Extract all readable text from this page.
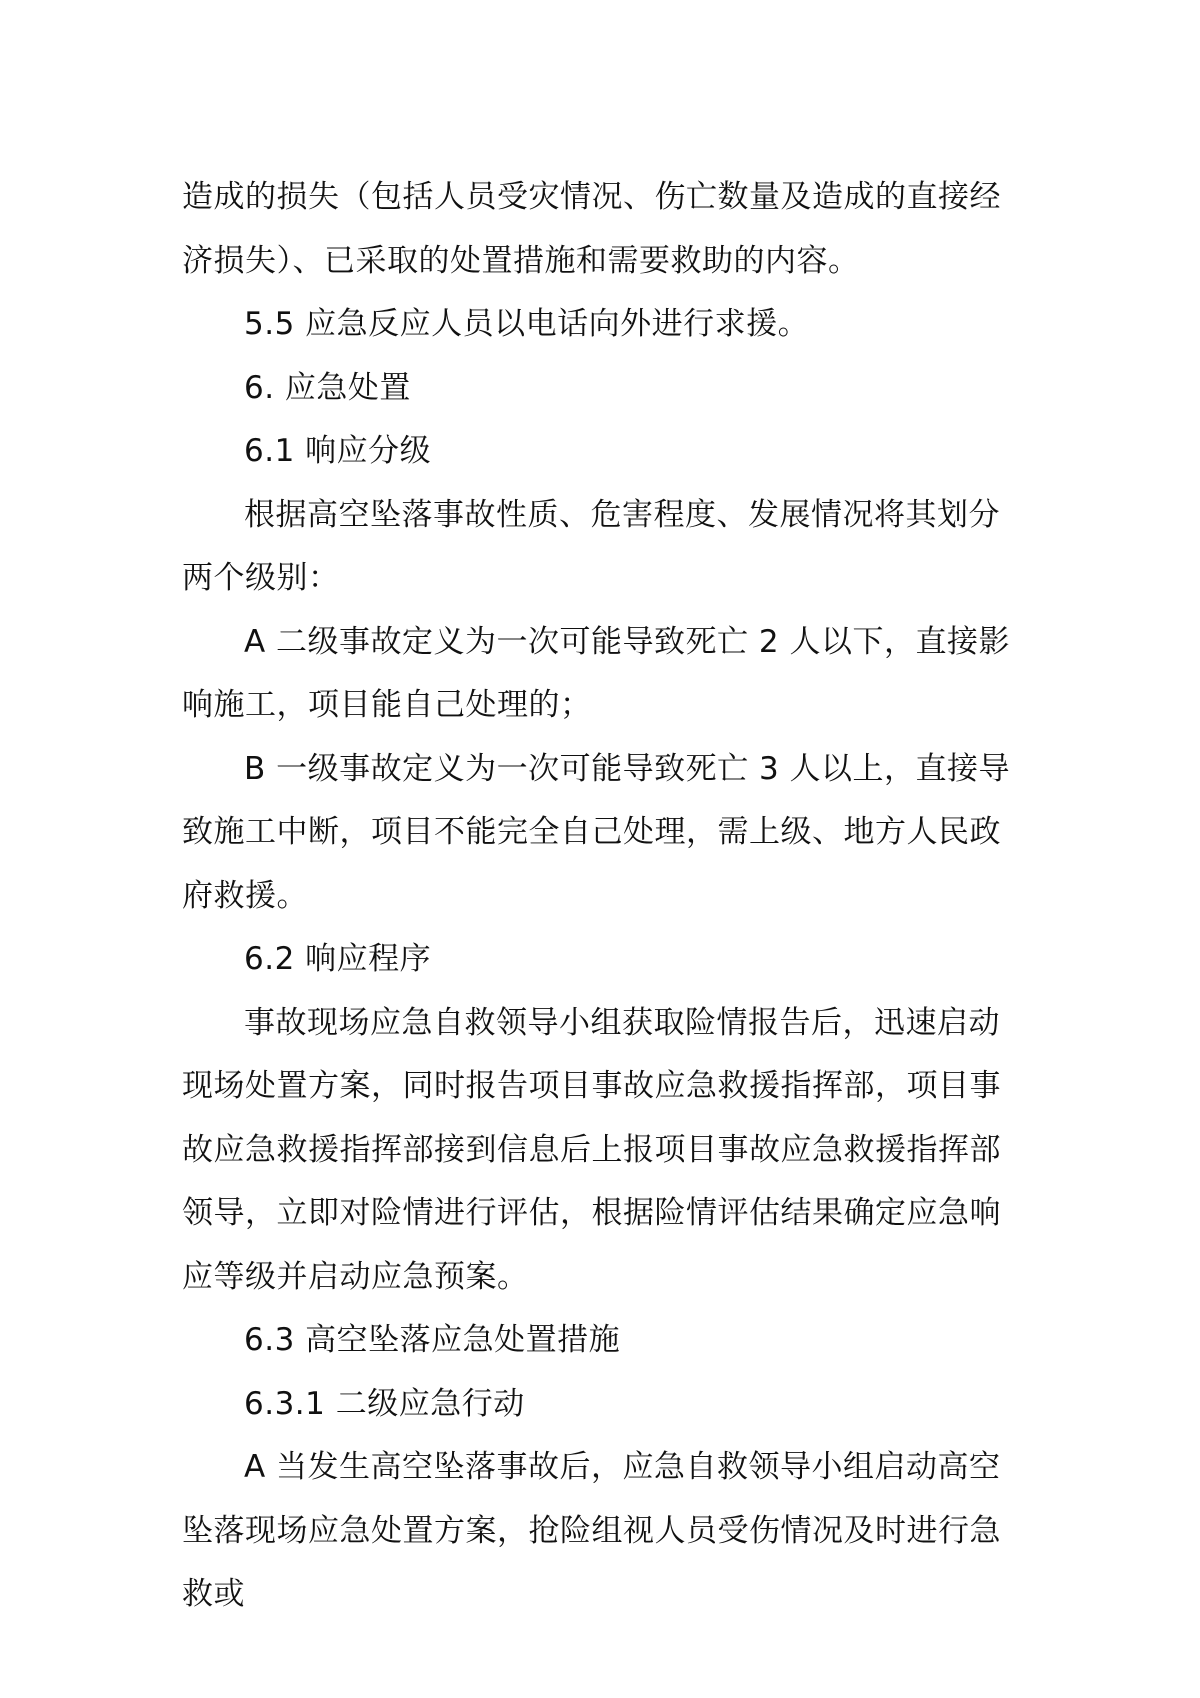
造成的损失（包括人员受灾情况、伤亡数量及造成的直接经济损失）、已采取的处置措施和需要救助的内容。

5.5 应急反应人员以电话向外进行求援。

6. 应急处置

6.1 响应分级

根据高空坠落事故性质、危害程度、发展情况将其划分两个级别：

A 二级事故定义为一次可能导致死亡 2 人以下，直接影响施工，项目能自己处理的；

B 一级事故定义为一次可能导致死亡 3 人以上，直接导致施工中断，项目不能完全自己处理，需上级、地方人民政府救援。

6.2 响应程序

事故现场应急自救领导小组获取险情报告后，迅速启动现场处置方案，同时报告项目事故应急救援指挥部，项目事故应急救援指挥部接到信息后上报项目事故应急救援指挥部领导，立即对险情进行评估，根据险情评估结果确定应急响应等级并启动应急预案。

6.3 高空坠落应急处置措施

6.3.1 二级应急行动

A 当发生高空坠落事故后，应急自救领导小组启动高空坠落现场应急处置方案，抢险组视人员受伤情况及时进行急救或
